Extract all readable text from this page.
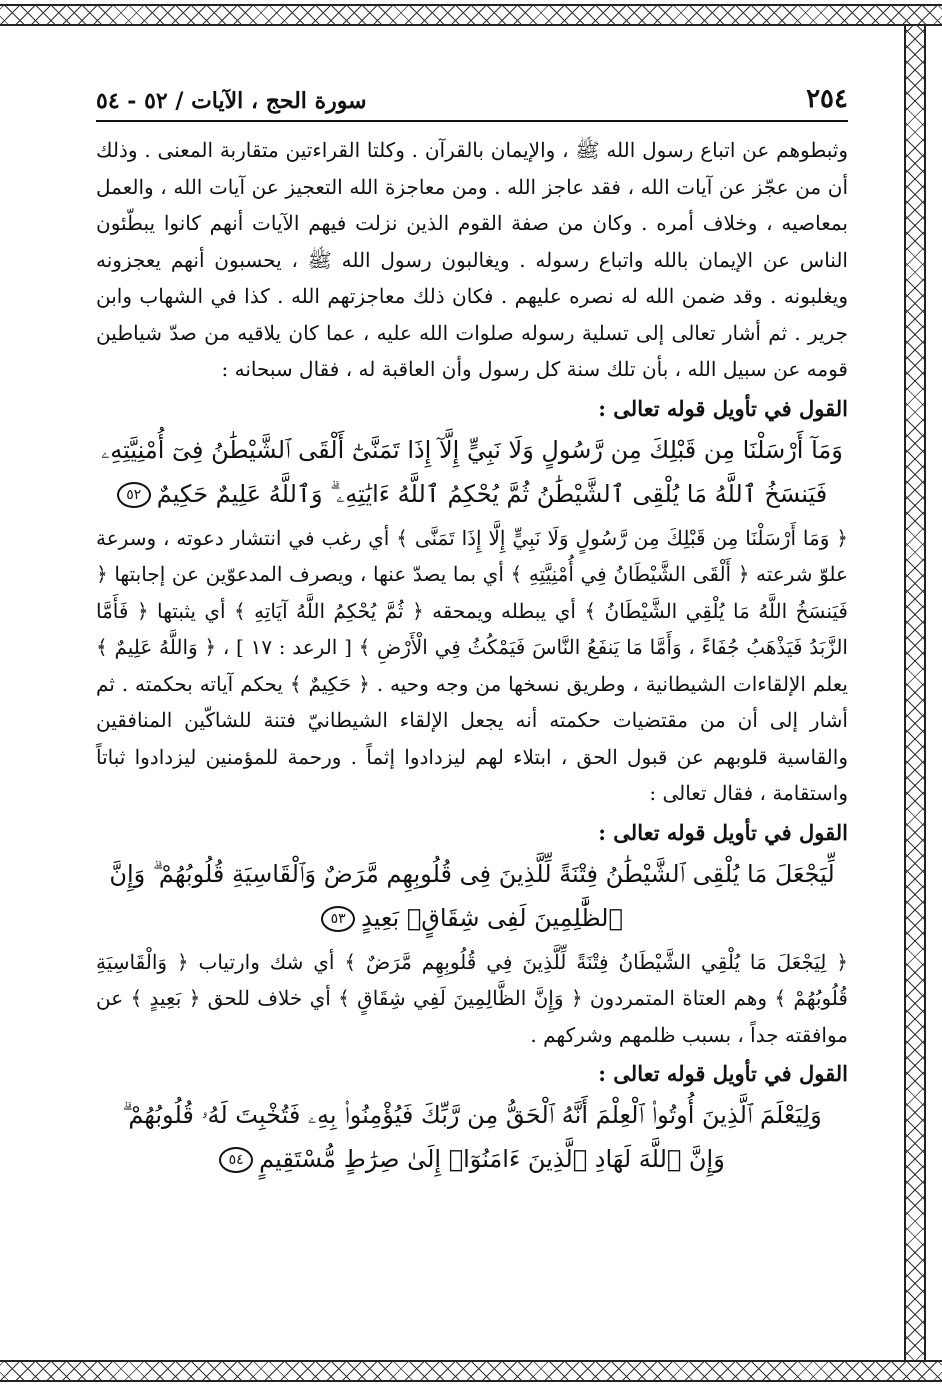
٢٥٤
سورة الحج ، الآيات / ٥٢ - ٥٤

وثبطوهم عن اتباع رسول الله ﷺ ، والإيمان بالقرآن . وكلتا القراءتين متقاربة المعنى . وذلك أن من عجّز عن آيات الله ، فقد عاجز الله . ومن معاجزة الله التعجيز عن آيات الله ، والعمل بمعاصيه ، وخلاف أمره . وكان من صفة القوم الذين نزلت فيهم الآيات أنهم كانوا يبطّئون الناس عن الإيمان بالله واتباع رسوله . ويغالبون رسول الله ﷺ ، يحسبون أنهم يعجزونه ويغلبونه . وقد ضمن الله له نصره عليهم . فكان ذلك معاجزتهم الله . كذا في الشهاب وابن جرير . ثم أشار تعالى إلى تسلية رسوله صلوات الله عليه ، عما كان يلاقيه من صدّ شياطين قومه عن سبيل الله ، بأن تلك سنة كل رسول وأن العاقبة له ، فقال سبحانه :

القول في تأويل قوله تعالى :
وَمَآ أَرْسَلْنَا مِن قَبْلِكَ مِن رَّسُولٍ وَلَا نَبِيٍّ إِلَّآ إِذَا تَمَنَّىٰٓ أَلْقَى ٱلشَّيْطَٰنُ فِىٓ أُمْنِيَّتِهِۦ
فَيَنسَخُ ٱللَّهُ مَا يُلْقِى ٱلشَّيْطَٰنُ ثُمَّ يُحْكِمُ ٱللَّهُ ءَايَٰتِهِۦ ۗ وَٱللَّهُ عَلِيمٌ حَكِيمٌ٥٢

﴿ وَمَا أَرْسَلْنَا مِن قَبْلِكَ مِن رَّسُولٍ وَلَا نَبِيٍّ إِلَّا إِذَا تَمَنَّى ﴾ أي رغب في انتشار دعوته ، وسرعة علوّ شرعته ﴿ أَلْقَى الشَّيْطَانُ فِي أُمْنِيَّتِهِ ﴾ أي بما يصدّ عنها ، ويصرف المدعوّين عن إجابتها ﴿ فَيَنسَخُ اللَّهُ مَا يُلْقِي الشَّيْطَانُ ﴾ أي يبطله ويمحقه ﴿ ثُمَّ يُحْكِمُ اللَّهُ آيَاتِهِ ﴾ أي يثبتها ﴿ فَأَمَّا الزَّبَدُ فَيَذْهَبُ جُفَاءً ، وَأَمَّا مَا يَنفَعُ النَّاسَ فَيَمْكُثُ فِي الْأَرْضِ ﴾ [ الرعد : ١٧ ] ، ﴿ وَاللَّهُ عَلِيمٌ ﴾ يعلم الإلقاءات الشيطانية ، وطريق نسخها من وجه وحيه . ﴿ حَكِيمٌ ﴾ يحكم آياته بحكمته . ثم أشار إلى أن من مقتضيات حكمته أنه يجعل الإلقاء الشيطانيّ فتنة للشاكّين المنافقين والقاسية قلوبهم عن قبول الحق ، ابتلاء لهم ليزدادوا إثماً . ورحمة للمؤمنين ليزدادوا ثباتاً واستقامة ، فقال تعالى :

القول في تأويل قوله تعالى :
لِّيَجْعَلَ مَا يُلْقِى ٱلشَّيْطَٰنُ فِتْنَةً لِّلَّذِينَ فِى قُلُوبِهِم مَّرَضٌ وَٱلْقَاسِيَةِ قُلُوبُهُمْ ۗ وَإِنَّ
ٱلظَّٰلِمِينَ لَفِى شِقَاقٍۭ بَعِيدٍ٥٣

﴿ لِيَجْعَلَ مَا يُلْقِي الشَّيْطَانُ فِتْنَةً لِّلَّذِينَ فِي قُلُوبِهِم مَّرَضٌ ﴾ أي شك وارتياب ﴿ وَالْقَاسِيَةِ قُلُوبُهُمْ ﴾ وهم العتاة المتمردون ﴿ وَإِنَّ الظَّالِمِينَ لَفِي شِقَاقٍ ﴾ أي خلاف للحق ﴿ بَعِيدٍ ﴾ عن موافقته جداً ، بسبب ظلمهم وشركهم .

القول في تأويل قوله تعالى :
وَلِيَعْلَمَ ٱلَّذِينَ أُوتُوا۟ ٱلْعِلْمَ أَنَّهُ ٱلْحَقُّ مِن رَّبِّكَ فَيُؤْمِنُوا۟ بِهِۦ فَتُخْبِتَ لَهُۥ قُلُوبُهُمْ ۗ
وَإِنَّ ٱللَّهَ لَهَادِ ٱلَّذِينَ ءَامَنُوٓا۟ إِلَىٰ صِرَٰطٍ مُّسْتَقِيمٍ٥٤
